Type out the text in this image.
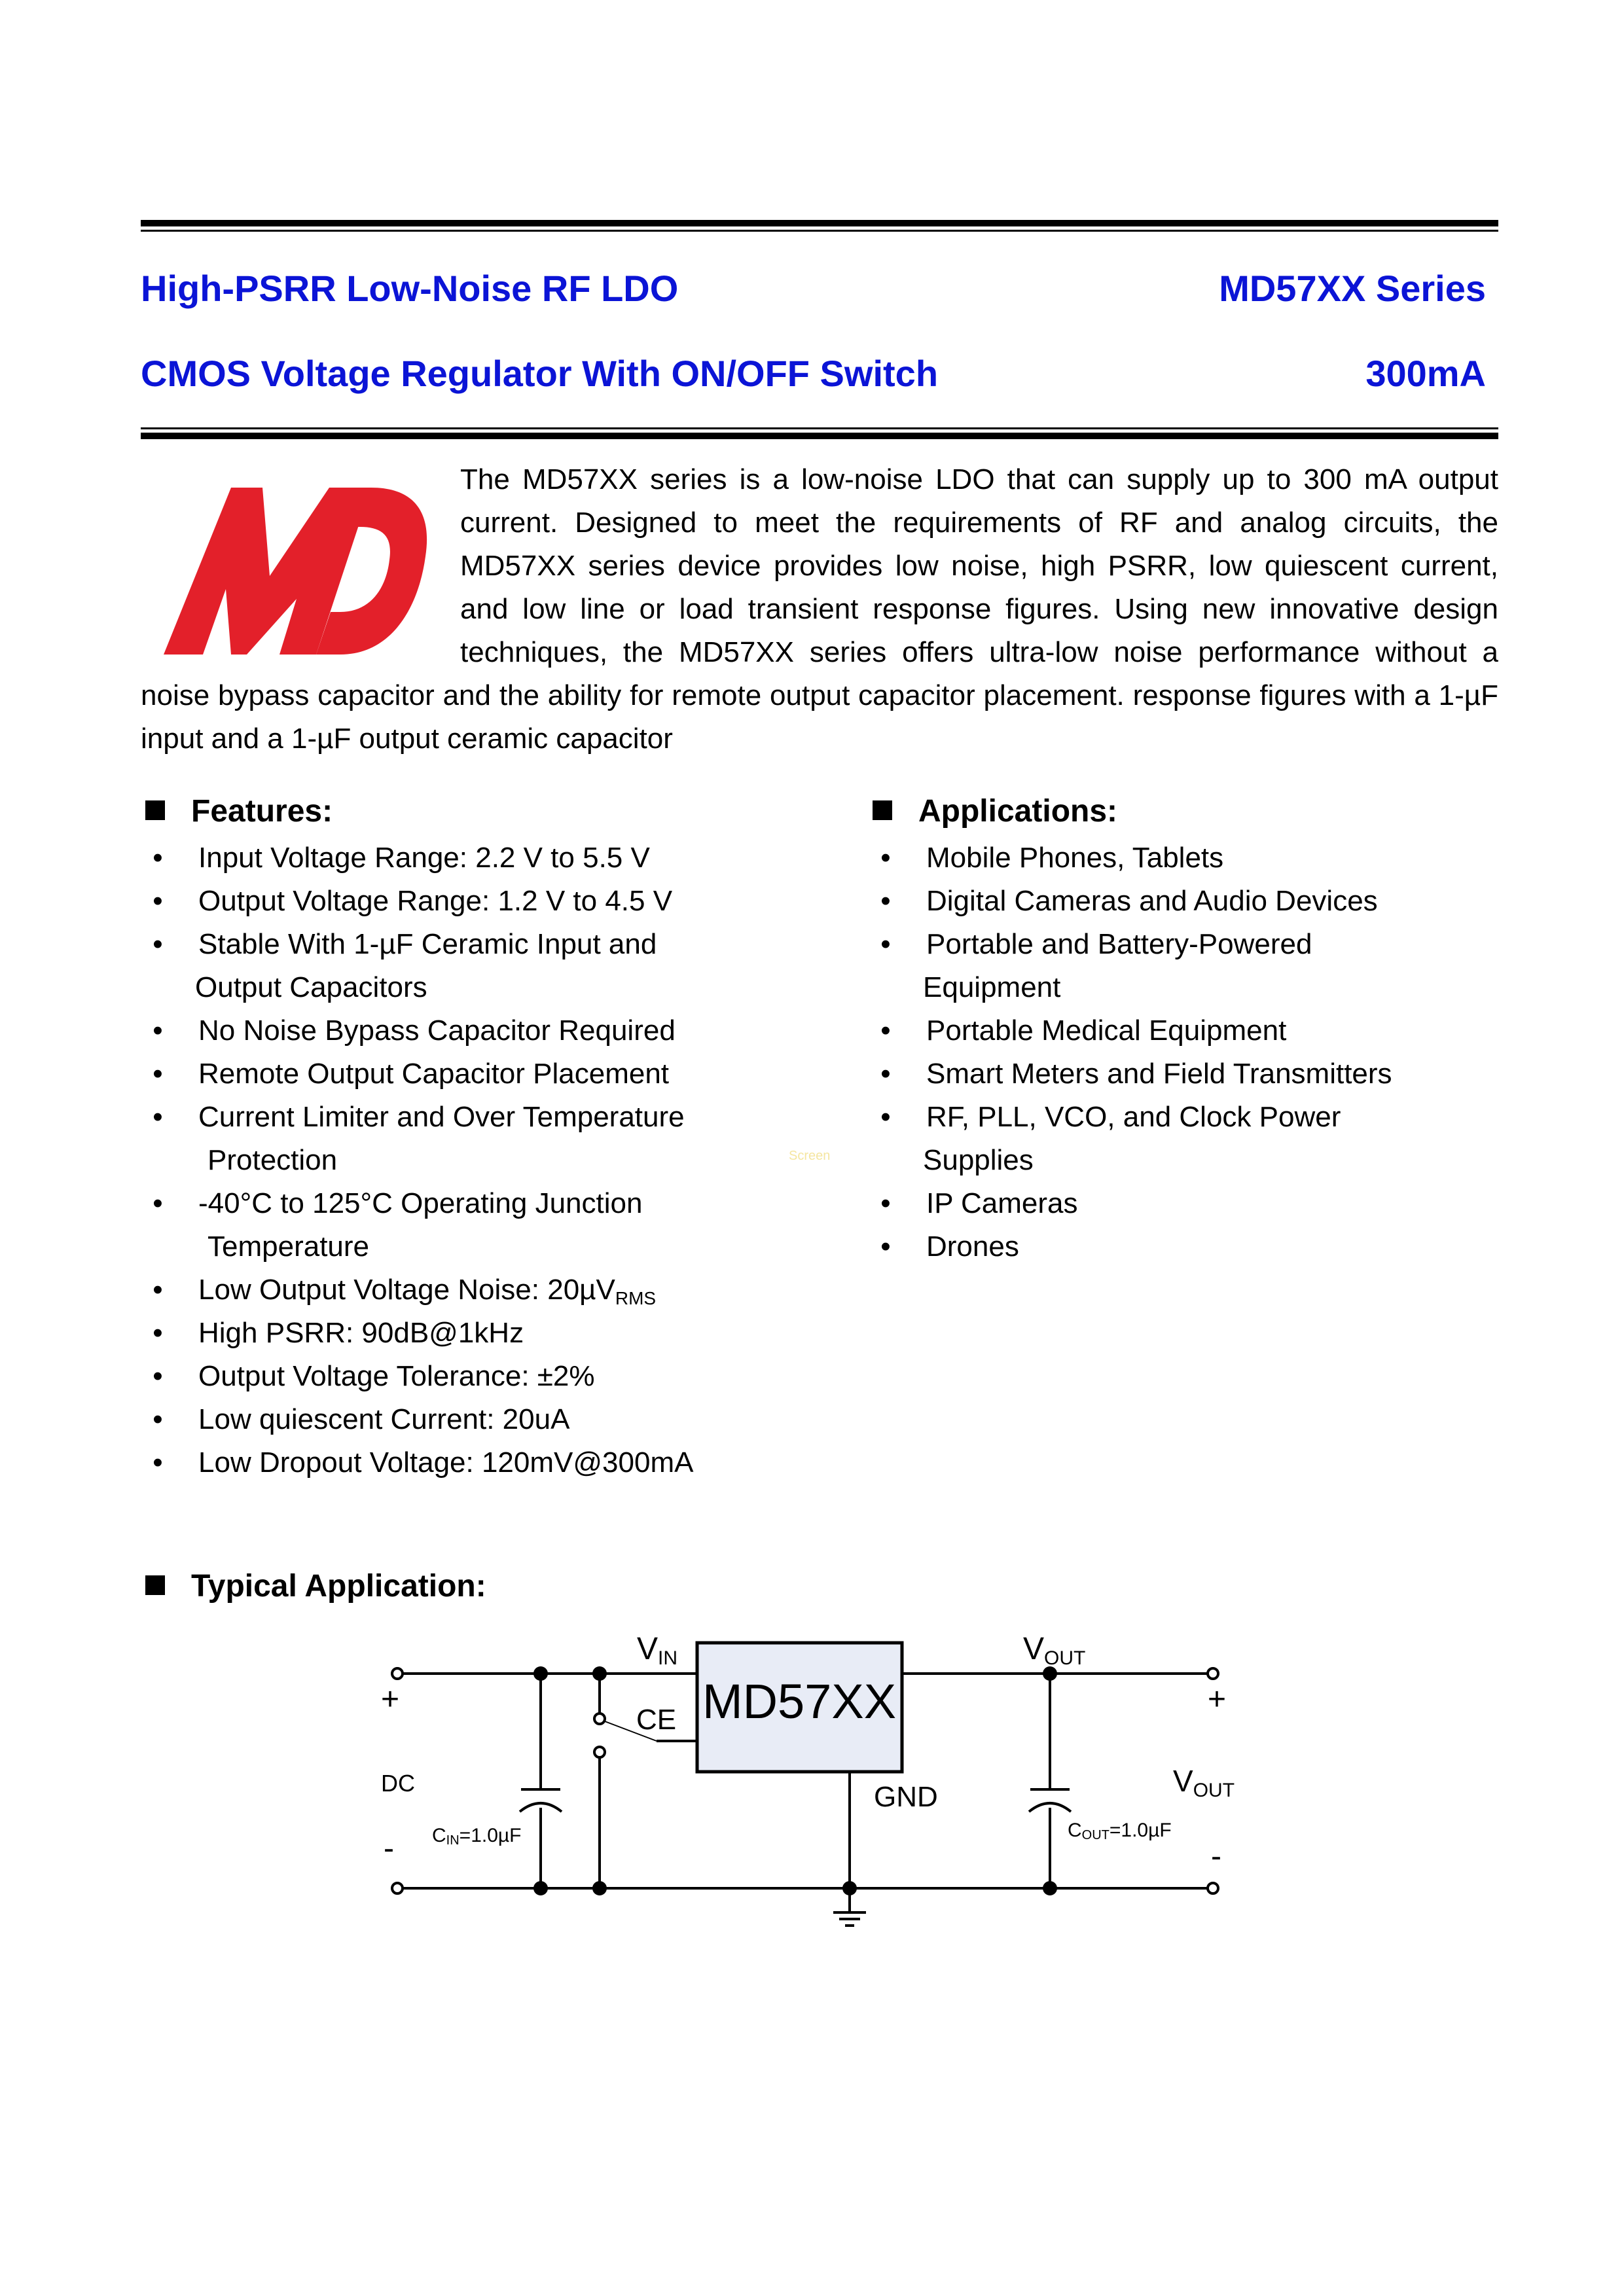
High-PSRR Low-Noise RF LDO	MD57XX Series
CMOS Voltage Regulator With ON/OFF Switch	300mA
The MD57XX series is a low-noise LDO that can supply up to 300 mA output current. Designed to meet the requirements of RF and analog circuits, the MD57XX series device provides low noise, high PSRR, low quiescent current, and low line or load transient response figures. Using new innovative design techniques, the MD57XX series offers ultra-low noise performance without a noise bypass capacitor and the ability for remote output capacitor placement. response figures with a 1-µF input and a 1-µF output ceramic capacitor
Features:
• Input Voltage Range: 2.2 V to 5.5 V
• Output Voltage Range: 1.2 V to 4.5 V
• Stable With 1-µF Ceramic Input and
Output Capacitors
• No Noise Bypass Capacitor Required
• Remote Output Capacitor Placement
• Current Limiter and Over Temperature
Protection
• -40°C to 125°C Operating Junction
Temperature
• Low Output Voltage Noise: 20µV$_{RMS}$
• High PSRR: 90dB@1kHz
• Output Voltage Tolerance: ±2%
• Low quiescent Current: 20uA
• Low Dropout Voltage: 120mV@300mA
Applications:
• Mobile Phones, Tablets
• Digital Cameras and Audio Devices
• Portable and Battery-Powered
Equipment
• Portable Medical Equipment
• Smart Meters and Field Transmitters
• RF, PLL, VCO, and Clock Power
Supplies
• IP Cameras
• Drones
Screen
Typical Application:
MD57XX
VIN	VOUT
CE
GND
+	+
-	-
DC	VOUT
CIN=1.0µF	COUT=1.0µF
